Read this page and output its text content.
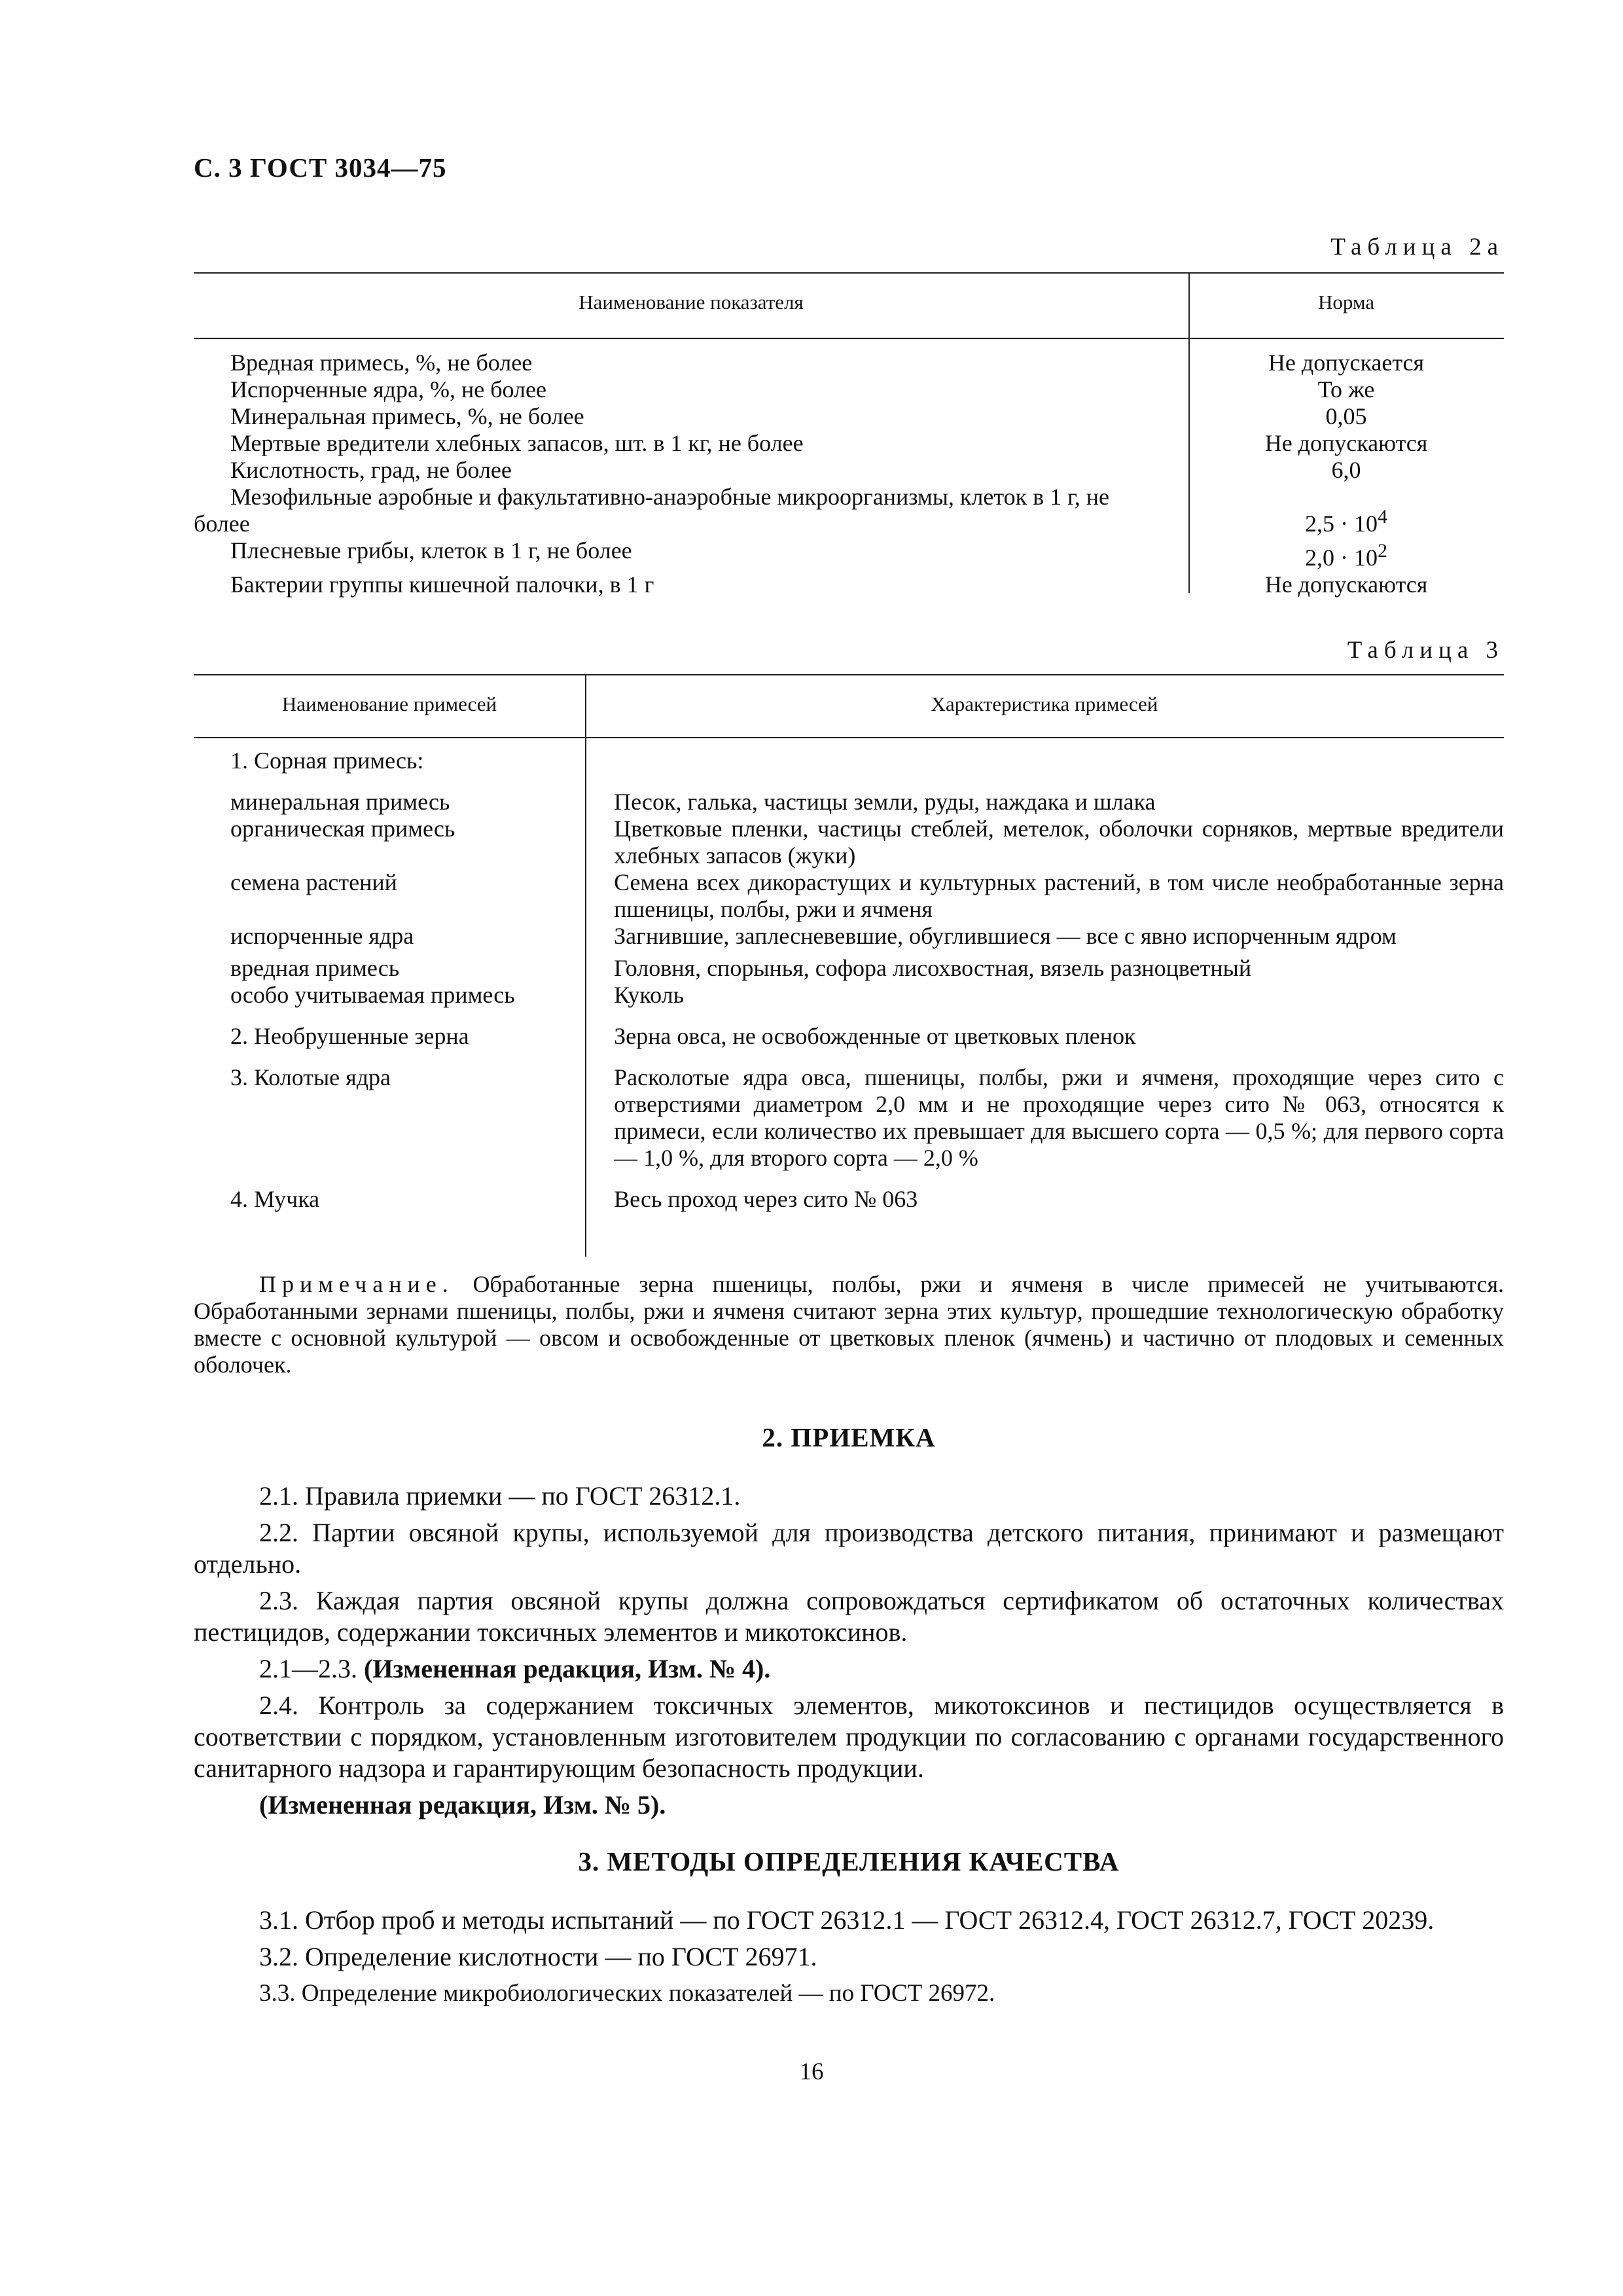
С. 3 ГОСТ 3034—75
Таблица 2а
Наименование показателя	Норма
Вредная примесь, %, не более	Не допускается
Испорченные ядра, %, не более	То же
Минеральная примесь, %, не более	0,05
Мертвые вредители хлебных запасов, шт. в 1 кг, не более	Не допускаются
Кислотность, град, не более	6,0
Мезофильные аэробные и факультативно-анаэробные микроорганизмы, клеток в 1 г, не более	$2,5 \cdot 10^4$
Плесневые грибы, клеток в 1 г, не более	$2,0 \cdot 10^2$
Бактерии группы кишечной палочки, в 1 г	Не допускаются
Таблица 3
Наименование примесей	Характеристика примесей
1. Сорная примесь:
минеральная примесь	Песок, галька, частицы земли, руды, наждака и шлака
органическая примесь	Цветковые пленки, частицы стеблей, метелок, оболочки сорняков, мертвые вредители хлебных запасов (жуки)
семена растений	Семена всех дикорастущих и культурных растений, в том числе необработанные зерна пшеницы, полбы, ржи и ячменя
испорченные ядра	Загнившие, заплесневевшие, обуглившиеся — все с явно испорченным ядром
вредная примесь	Головня, спорынья, софора лисохвостная, вязель разноцветный
особо учитываемая примесь	Куколь
2. Необрушенные зерна	Зерна овса, не освобожденные от цветковых пленок
3. Колотые ядра	Расколотые ядра овса, пшеницы, полбы, ржи и ячменя, проходящие через сито с отверстиями диаметром 2,0 мм и не проходящие через сито № 063, относятся к примеси, если количество их превышает для высшего сорта — 0,5 %; для первого сорта — 1,0 %, для второго сорта — 2,0 %
4. Мучка	Весь проход через сито № 063
Примечание. Обработанные зерна пшеницы, полбы, ржи и ячменя в числе примесей не учитываются. Обработанными зернами пшеницы, полбы, ржи и ячменя считают зерна этих культур, прошедшие технологическую обработку вместе с основной культурой — овсом и освобожденные от цветковых пленок (ячмень) и частично от плодовых и семенных оболочек.
2. ПРИЕМКА

2.1. Правила приемки — по ГОСТ 26312.1.

2.2. Партии овсяной крупы, используемой для производства детского питания, принимают и размещают отдельно.

2.3. Каждая партия овсяной крупы должна сопровождаться сертификатом об остаточных количествах пестицидов, содержании токсичных элементов и микотоксинов.

2.1—2.3. (Измененная редакция, Изм. № 4).

2.4. Контроль за содержанием токсичных элементов, микотоксинов и пестицидов осуществляется в соответствии с порядком, установленным изготовителем продукции по согласованию с органами государственного санитарного надзора и гарантирующим безопасность продукции.

(Измененная редакция, Изм. № 5).

3. МЕТОДЫ ОПРЕДЕЛЕНИЯ КАЧЕСТВА

3.1. Отбор проб и методы испытаний — по ГОСТ 26312.1 — ГОСТ 26312.4, ГОСТ 26312.7, ГОСТ 20239.

3.2. Определение кислотности — по ГОСТ 26971.

3.3. Определение микробиологических показателей — по ГОСТ 26972.

16
